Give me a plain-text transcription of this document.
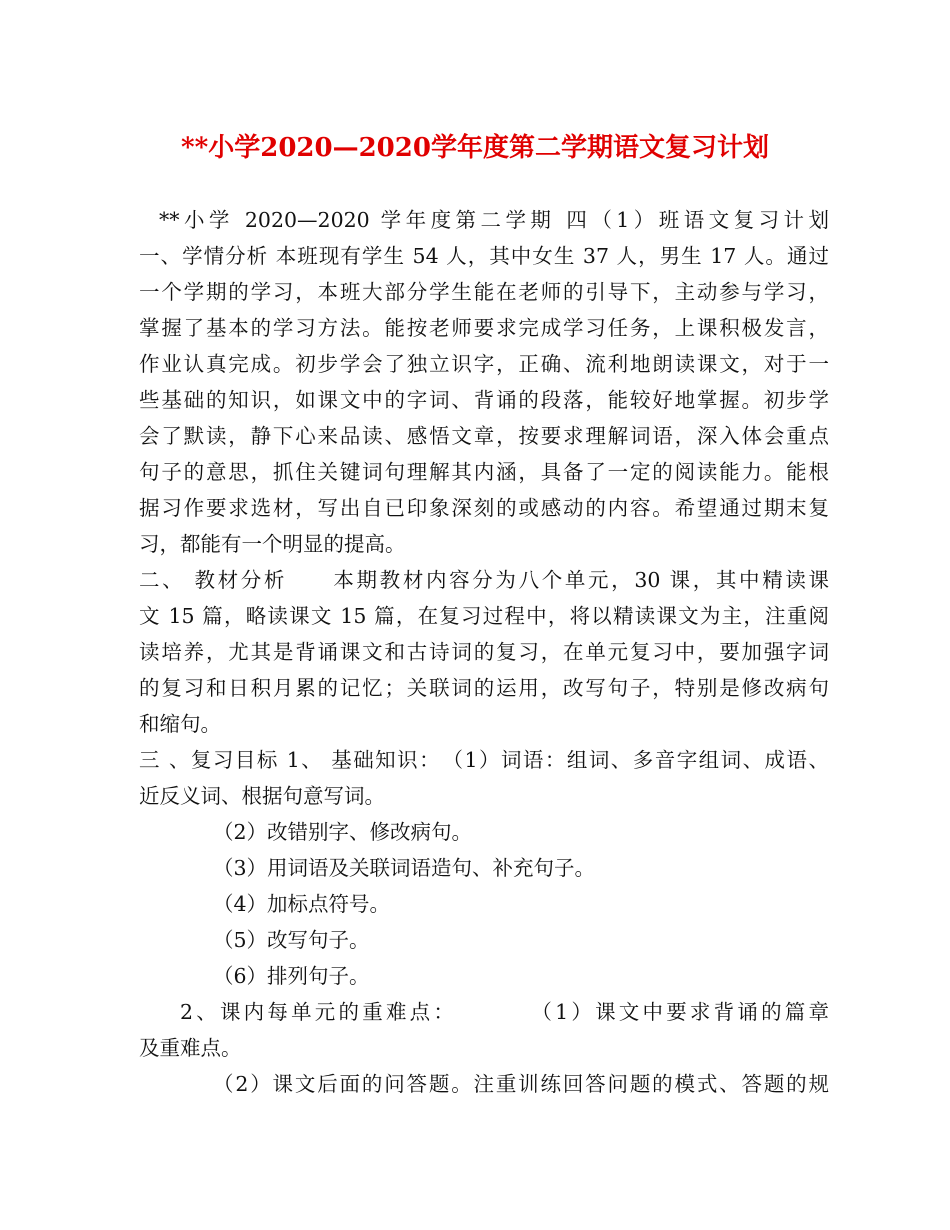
**小学2020—2020学年度第二学期语文复习计划
**小学 2020—2020 学年度第二学期 四（1）班语文复习计划
一、学情分析 本班现有学生 54 人，其中女生 37 人，男生 17 人。通过
一个学期的学习，本班大部分学生能在老师的引导下，主动参与学习，
掌握了基本的学习方法。能按老师要求完成学习任务，上课积极发言，
作业认真完成。初步学会了独立识字，正确、流利地朗读课文，对于一
些基础的知识，如课文中的字词、背诵的段落，能较好地掌握。初步学
会了默读，静下心来品读、感悟文章，按要求理解词语，深入体会重点
句子的意思，抓住关键词句理解其内涵，具备了一定的阅读能力。能根
据习作要求选材，写出自已印象深刻的或感动的内容。希望通过期末复
习，都能有一个明显的提高。
二、 教材分析　　本期教材内容分为八个单元，30 课，其中精读课
文 15 篇，略读课文 15 篇，在复习过程中，将以精读课文为主，注重阅
读培养，尤其是背诵课文和古诗词的复习，在单元复习中，要加强字词
的复习和日积月累的记忆；关联词的运用，改写句子，特别是修改病句
和缩句。
三 、复习目标 1、 基础知识：　（1）词语：组词、多音字组词、成语、
近反义词、根据句意写词。
（2）改错别字、修改病句。
（3）用词语及关联词语造句、补充句子。
（4）加标点符号。
（5）改写句子。
（6）排列句子。
2、课内每单元的重难点：　　　　（1）课文中要求背诵的篇章
及重难点。
（2）课文后面的问答题。注重训练回答问题的模式、答题的规
